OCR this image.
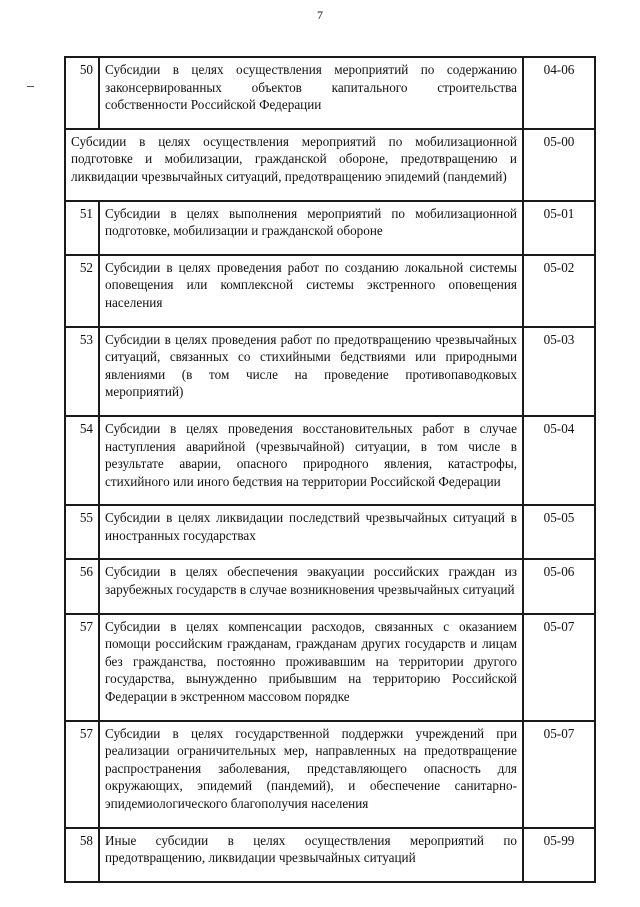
7
50	Субсидии в целях осуществления мероприятий по содержанию законсервированных объектов капитального строительства собственности Российской Федерации	04-06
Субсидии в целях осуществления мероприятий по мобилизационной подготовке и мобилизации, гражданской обороне, предотвращению и ликвидации чрезвычайных ситуаций, предотвращению эпидемий (пандемий)		05-00
51	Субсидии в целях выполнения мероприятий по мобилизационной подготовке, мобилизации и гражданской обороне	05-01
52	Субсидии в целях проведения работ по созданию локальной системы оповещения или комплексной системы экстренного оповещения населения	05-02
53	Субсидии в целях проведения работ по предотвращению чрезвычайных ситуаций, связанных со стихийными бедствиями или природными явлениями (в том числе на проведение противопаводковых мероприятий)	05-03
54	Субсидии в целях проведения восстановительных работ в случае наступления аварийной (чрезвычайной) ситуации, в том числе в результате аварии, опасного природного явления, катастрофы, стихийного или иного бедствия на территории Российской Федерации	05-04
55	Субсидии в целях ликвидации последствий чрезвычайных ситуаций в иностранных государствах	05-05
56	Субсидии в целях обеспечения эвакуации российских граждан из зарубежных государств в случае возникновения чрезвычайных ситуаций	05-06
57	Субсидии в целях компенсации расходов, связанных с оказанием помощи российским гражданам, гражданам других государств и лицам без гражданства, постоянно проживавшим на территории другого государства, вынужденно прибывшим на территорию Российской Федерации в экстренном массовом порядке	05-07
57	Субсидии в целях государственной поддержки учреждений при реализации ограничительных мер, направленных на предотвращение распространения заболевания, представляющего опасность для окружающих, эпидемий (пандемий), и обеспечение санитарно-эпидемиологического благополучия населения	05-07
58	Иные субсидии в целях осуществления мероприятий по предотвращению, ликвидации чрезвычайных ситуаций	05-99
